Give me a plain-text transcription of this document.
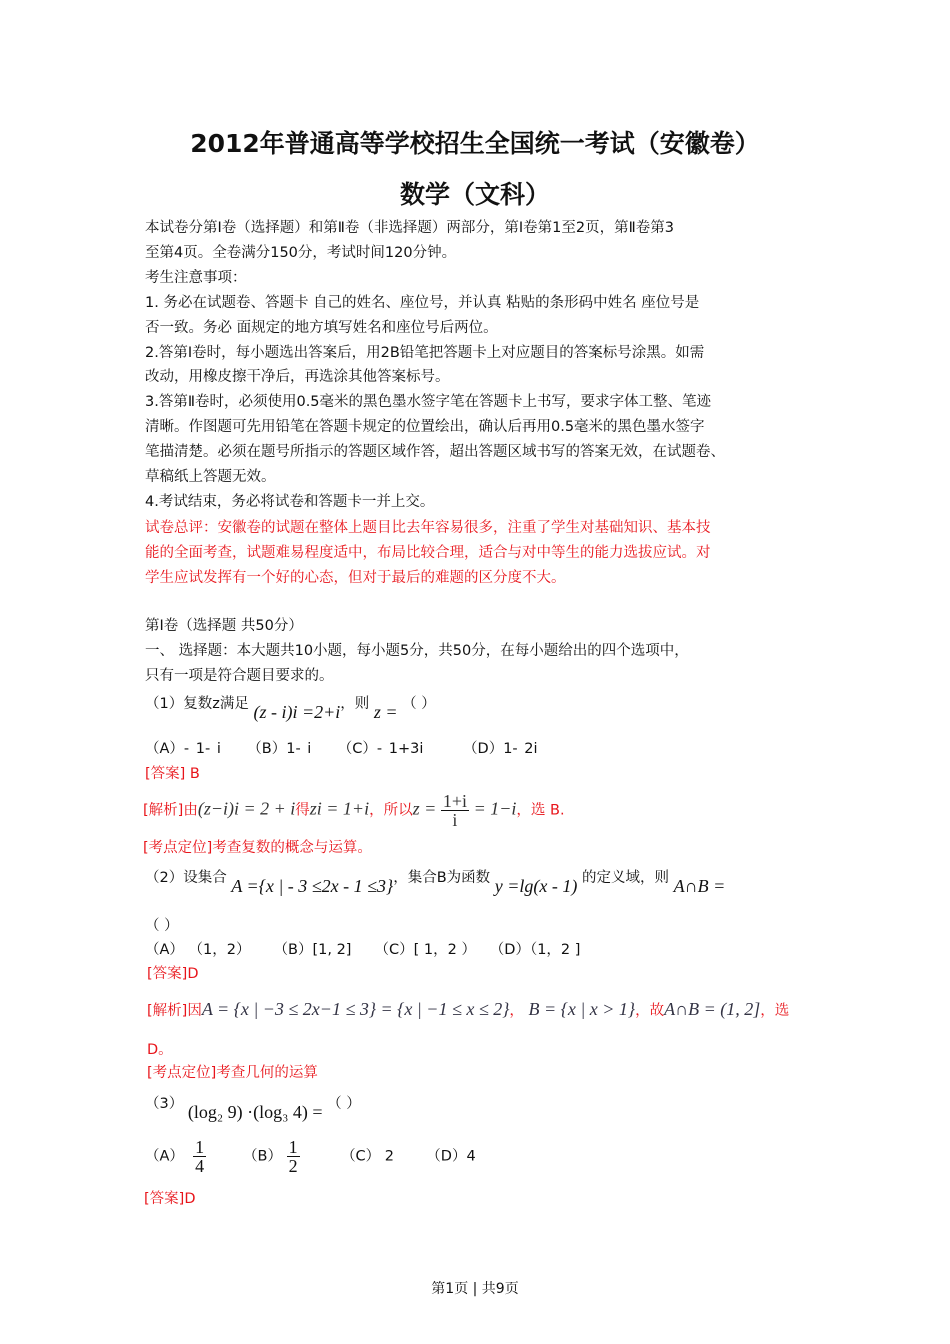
2012年普通高等学校招生全国统一考试（安徽卷）
数学（文科）
本试卷分第Ⅰ卷（选择题）和第Ⅱ卷（非选择题）两部分，第Ⅰ卷第1至2页，第Ⅱ卷第3
至第4页。全卷满分150分，考试时间120分钟。
考生注意事项：
1. 务必在试题卷、答题卡 自己的姓名、座位号，并认真 粘贴的条形码中姓名 座位号是
否一致。务必 面规定的地方填写姓名和座位号后两位。
2.答第Ⅰ卷时，每小题选出答案后，用2B铅笔把答题卡上对应题目的答案标号涂黑。如需
改动，用橡皮擦干净后，再选涂其他答案标号。
3.答第Ⅱ卷时，必须使用0.5毫米的黑色墨水签字笔在答题卡上书写，要求字体工整、笔迹
清晰。作图题可先用铅笔在答题卡规定的位置绘出，确认后再用0.5毫米的黑色墨水签字
笔描清楚。必须在题号所指示的答题区域作答，超出答题区域书写的答案无效，在试题卷、
草稿纸上答题无效。
4.考试结束，务必将试卷和答题卡一并上交。
试卷总评：安徽卷的试题在整体上题目比去年容易很多，注重了学生对基础知识、基本技
能的全面考查，试题难易程度适中，布局比较合理，适合与对中等生的能力选拔应试。对
学生应试发挥有一个好的心态，但对于最后的难题的区分度不大。
第Ⅰ卷（选择题 共50分）
一、 选择题：本大题共10小题，每小题5分，共50分，在每小题给出的四个选项中，
只有一项是符合题目要求的。
（1）复数z满足 (z - i)i =2+i，则 z = （ ）
（A）- 1- i （B）1- i （C）- 1+3i	（D）1- 2i
[答案] B
[解析]由(z−i)i = 2 + i得zi = 1+i，所以$z = \frac{1+i}{i} = 1-i$，选 B.
[考点定位]考查复数的概念与运算。
（2）设集合 A ={x | - 3 ≤2x - 1 ≤3}，集合B为函数 y =lg(x - 1) 的定义域，则 A∩B =
（ ）
（A） （1，2） （B）[1, 2] （C）[ 1，2 ） （D）（1，2 ]
[答案]D
[解析]因A = {x | −3 ≤ 2x−1 ≤ 3} = {x | −1 ≤ x ≤ 2}， B = {x | x > 1}，故A∩B = (1, 2]，选
D。
[考点定位]考查几何的运算
（3） (log₂ 9) ·(log₃ 4) = （ ）
$(A) \frac{1}{4}$	$(B) \frac{1}{2}$	（C） 2 （D）4
[答案]D
第1页 | 共9页
